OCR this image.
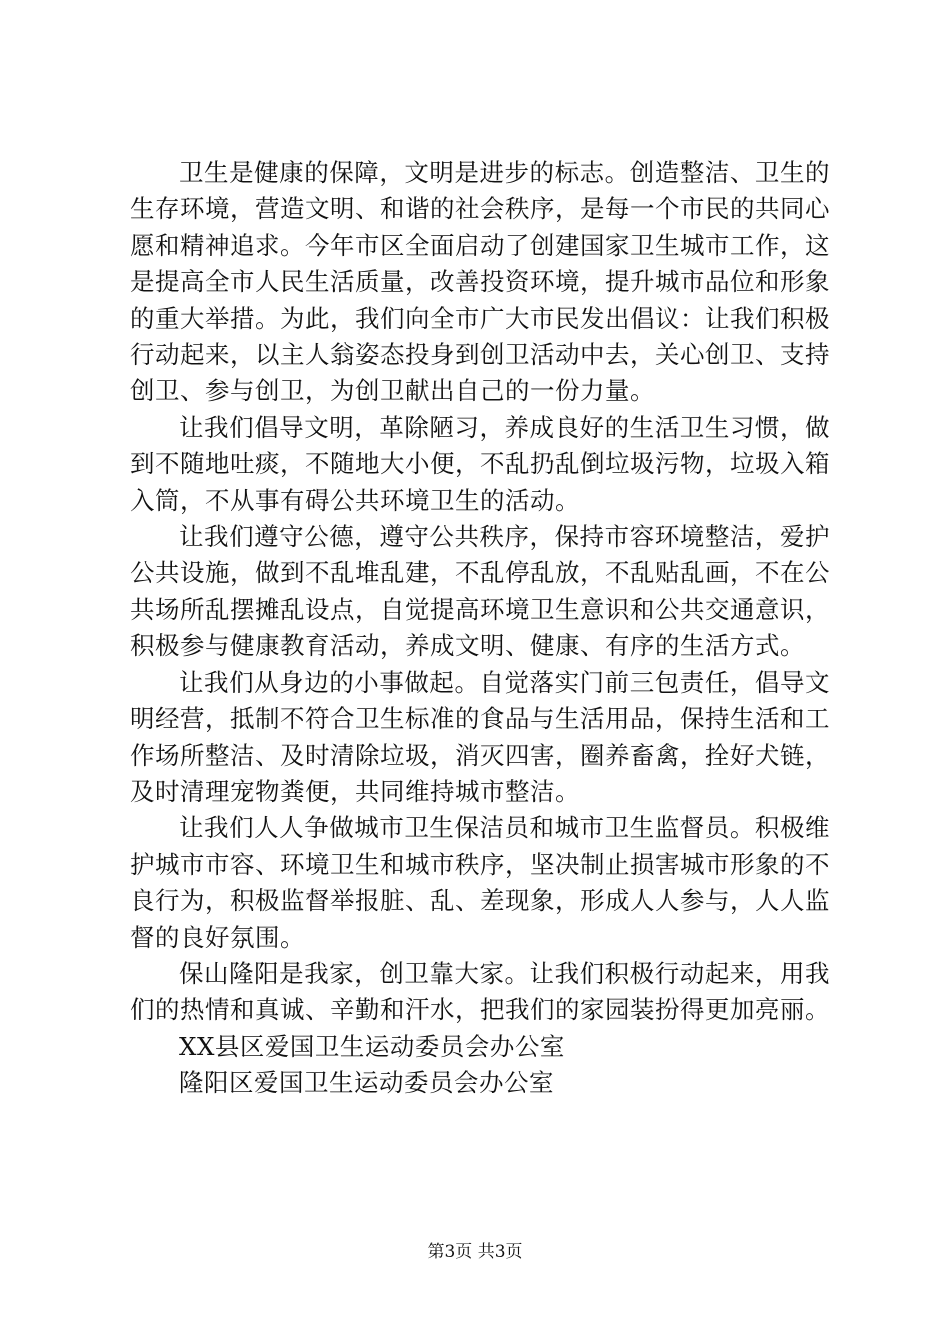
卫生是健康的保障，文明是进步的标志。创造整洁、卫生的生存环境，营造文明、和谐的社会秩序，是每一个市民的共同心愿和精神追求。今年市区全面启动了创建国家卫生城市工作，这是提高全市人民生活质量，改善投资环境，提升城市品位和形象的重大举措。为此，我们向全市广大市民发出倡议：让我们积极行动起来，以主人翁姿态投身到创卫活动中去，关心创卫、支持创卫、参与创卫，为创卫献出自己的一份力量。

让我们倡导文明，革除陋习，养成良好的生活卫生习惯，做到不随地吐痰，不随地大小便，不乱扔乱倒垃圾污物，垃圾入箱入筒，不从事有碍公共环境卫生的活动。

让我们遵守公德，遵守公共秩序，保持市容环境整洁，爱护公共设施，做到不乱堆乱建，不乱停乱放，不乱贴乱画，不在公共场所乱摆摊乱设点，自觉提高环境卫生意识和公共交通意识，积极参与健康教育活动，养成文明、健康、有序的生活方式。

让我们从身边的小事做起。自觉落实门前三包责任，倡导文明经营，抵制不符合卫生标准的食品与生活用品，保持生活和工作场所整洁、及时清除垃圾，消灭四害，圈养畜禽，拴好犬链，及时清理宠物粪便，共同维持城市整洁。

让我们人人争做城市卫生保洁员和城市卫生监督员。积极维护城市市容、环境卫生和城市秩序，坚决制止损害城市形象的不良行为，积极监督举报脏、乱、差现象，形成人人参与，人人监督的良好氛围。

保山隆阳是我家，创卫靠大家。让我们积极行动起来，用我们的热情和真诚、辛勤和汗水，把我们的家园装扮得更加亮丽。

XX县区爱国卫生运动委员会办公室

隆阳区爱国卫生运动委员会办公室

第3页 共3页
